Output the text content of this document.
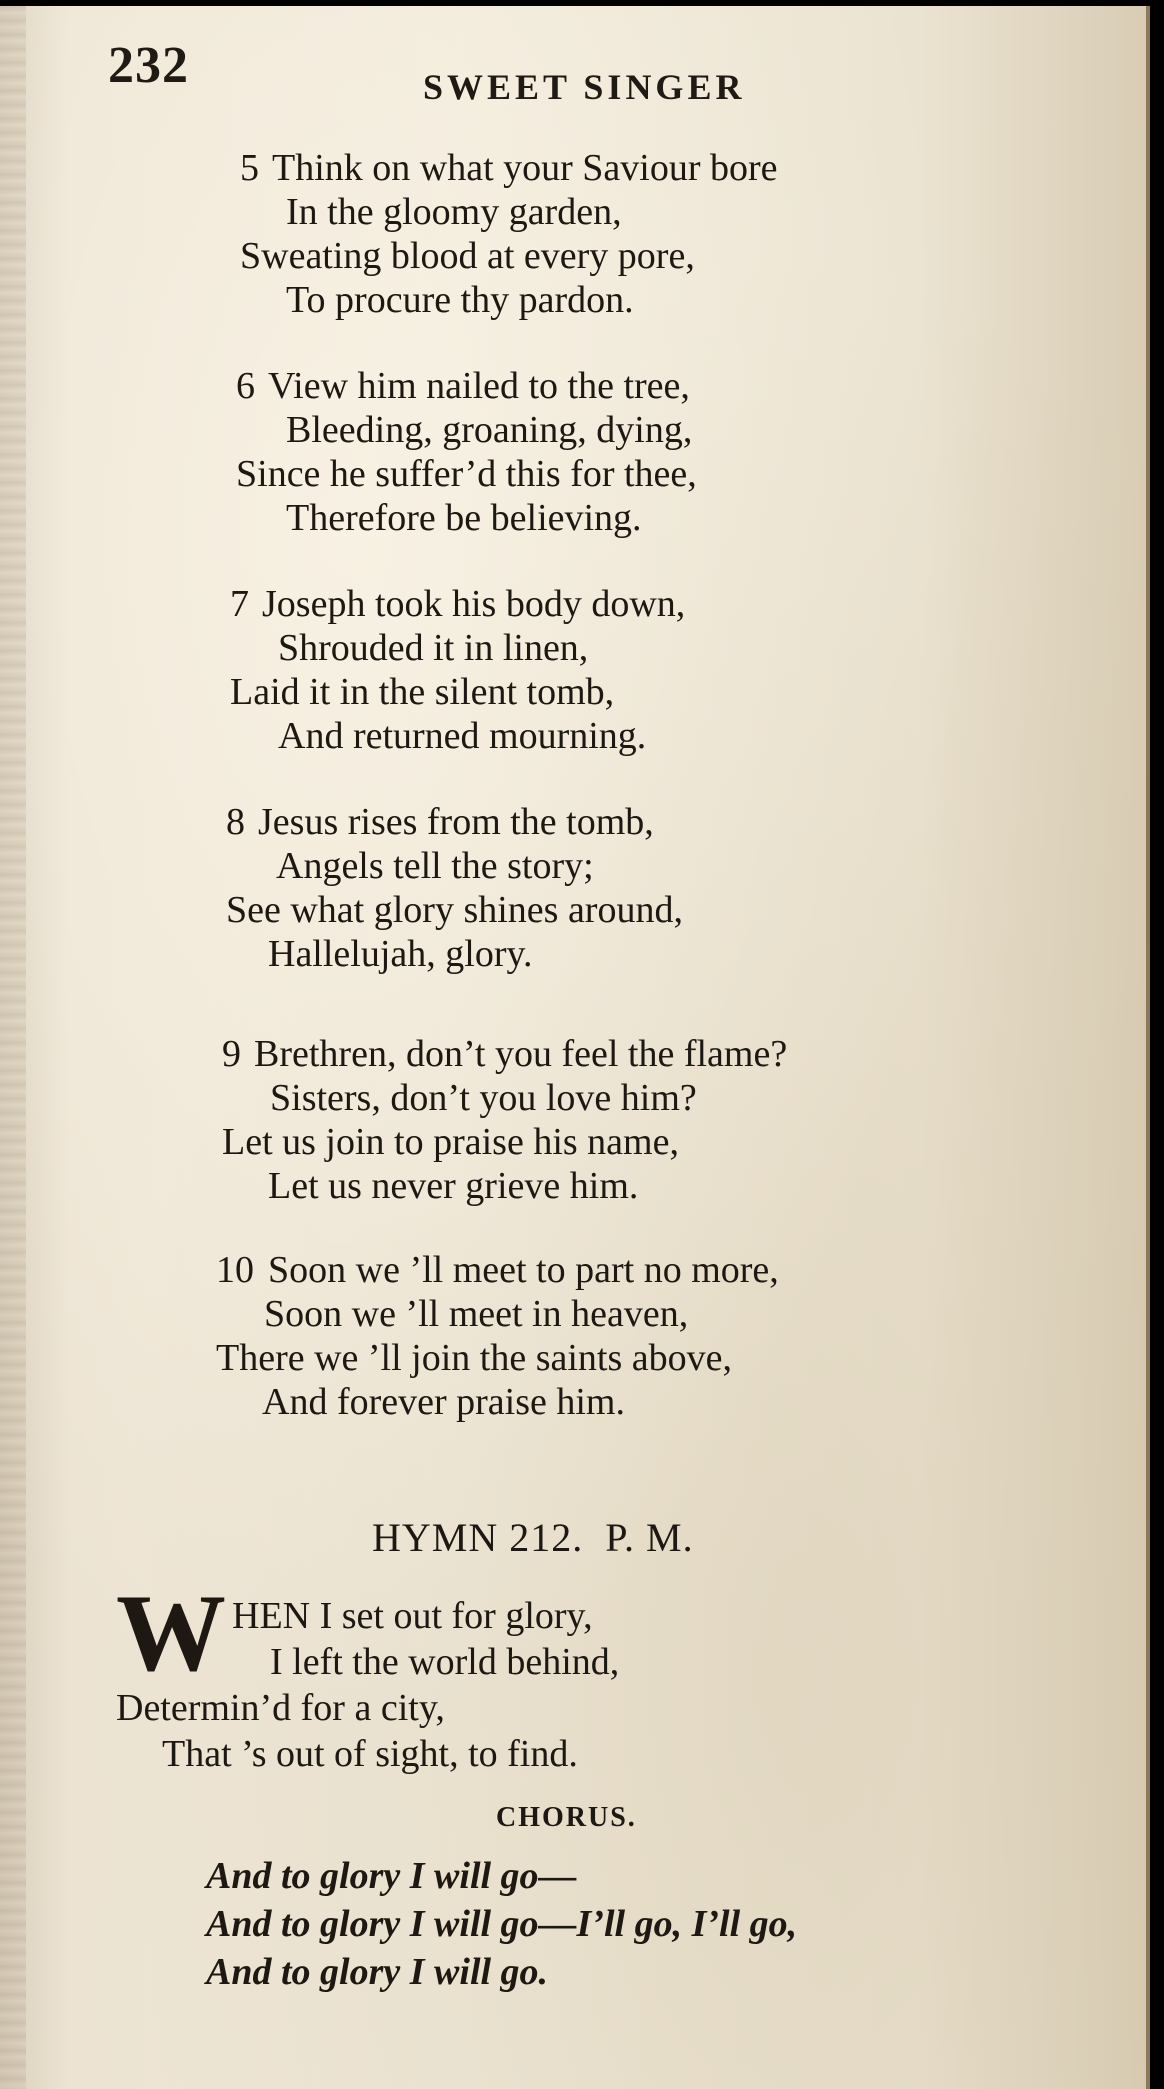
232	SWEET SINGER
5 Think on what your Saviour bore
In the gloomy garden,
Sweating blood at every pore,
To procure thy pardon.
6 View him nailed to the tree,
Bleeding, groaning, dying,
Since he suffer’d this for thee,
Therefore be believing.
7 Joseph took his body down,
Shrouded it in linen,
Laid it in the silent tomb,
And returned mourning.
8 Jesus rises from the tomb,
Angels tell the story;
See what glory shines around,
Hallelujah, glory.
9 Brethren, don’t you feel the flame?
Sisters, don’t you love him?
Let us join to praise his name,
Let us never grieve him.
10 Soon we ’ll meet to part no more,
Soon we ’ll meet in heaven,
There we ’ll join the saints above,
And forever praise him.
HYMN 212.  P. M.
W HEN I set out for glory,
I left the world behind,
Determin’d for a city,
That ’s out of sight, to find.
CHORUS.
And to glory I will go—
And to glory I will go—I’ll go, I’ll go,
And to glory I will go.
